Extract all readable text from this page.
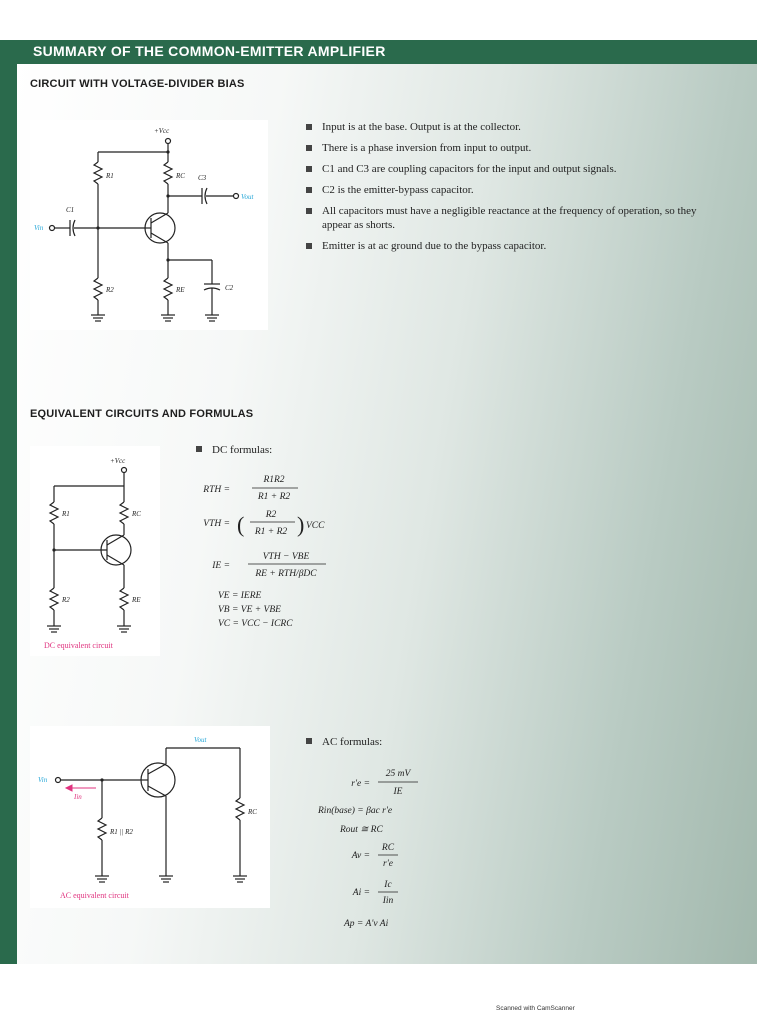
SUMMARY OF THE COMMON-EMITTER AMPLIFIER
CIRCUIT WITH VOLTAGE-DIVIDER BIAS
+Vcc
R1
R2
RC
RE
C1
C2
C3
Vin
Vout
Input is at the base. Output is at the collector.
There is a phase inversion from input to output.
C1 and C3 are coupling capacitors for the input and output signals.
C2 is the emitter-bypass capacitor.
All capacitors must have a negligible reactance at the frequency of operation, so they appear as shorts.
Emitter is at ac ground due to the bypass capacitor.
EQUIVALENT CIRCUITS AND FORMULAS
+Vcc
R1
R2
RC
RE
DC equivalent circuit
DC formulas:
RTH =
R1R2
R1 + R2
VTH = ( R2
R1 + R2 ) VCC
IE =
VTH − VBE
RE + RTH/βDC
VE = IERE
VB = VE + VBE
VC = VCC − ICRC
Vin
Iin
Vout
R1 || R2
RC
AC equivalent circuit
AC formulas:
r'e =
25 mV
IE
Rin(base) = βac r'e
Rout ≅ RC
Av =
RC
r'e
Ai =
Ic
Iin
Ap = A'v Ai
Scanned with CamScanner
